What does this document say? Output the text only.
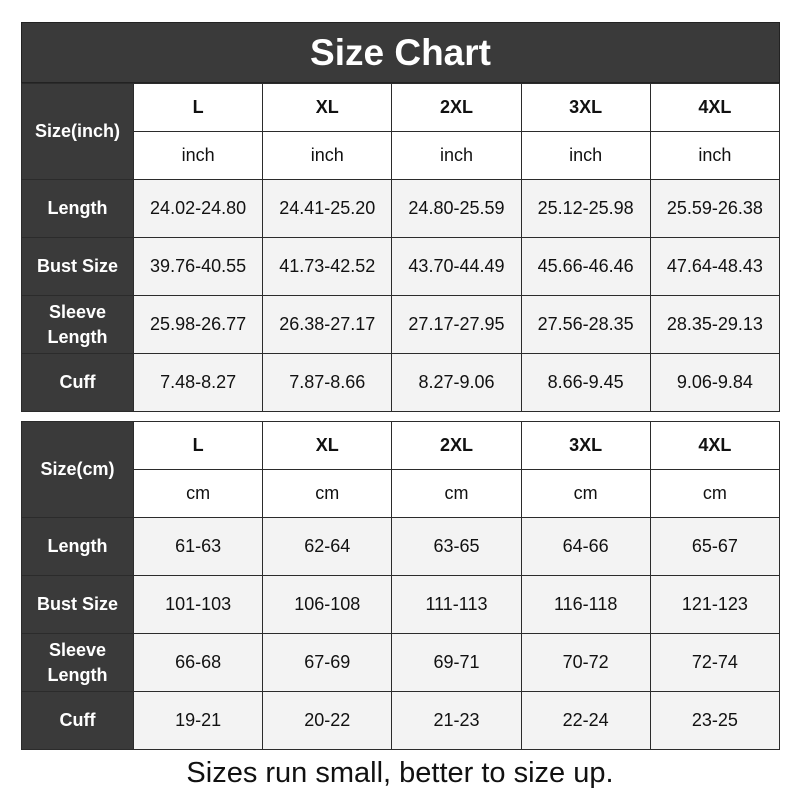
Size Chart
Size(inch)	L	XL	2XL	3XL	4XL
	inch	inch	inch	inch	inch
Length	24.02-24.80	24.41-25.20	24.80-25.59	25.12-25.98	25.59-26.38
Bust Size	39.76-40.55	41.73-42.52	43.70-44.49	45.66-46.46	47.64-48.43
Sleeve Length	25.98-26.77	26.38-27.17	27.17-27.95	27.56-28.35	28.35-29.13
Cuff	7.48-8.27	7.87-8.66	8.27-9.06	8.66-9.45	9.06-9.84
Size(cm)	L	XL	2XL	3XL	4XL
	cm	cm	cm	cm	cm
Length	61-63	62-64	63-65	64-66	65-67
Bust Size	101-103	106-108	111-113	116-118	121-123
Sleeve Length	66-68	67-69	69-71	70-72	72-74
Cuff	19-21	20-22	21-23	22-24	23-25
Sizes run small, better to size up.
